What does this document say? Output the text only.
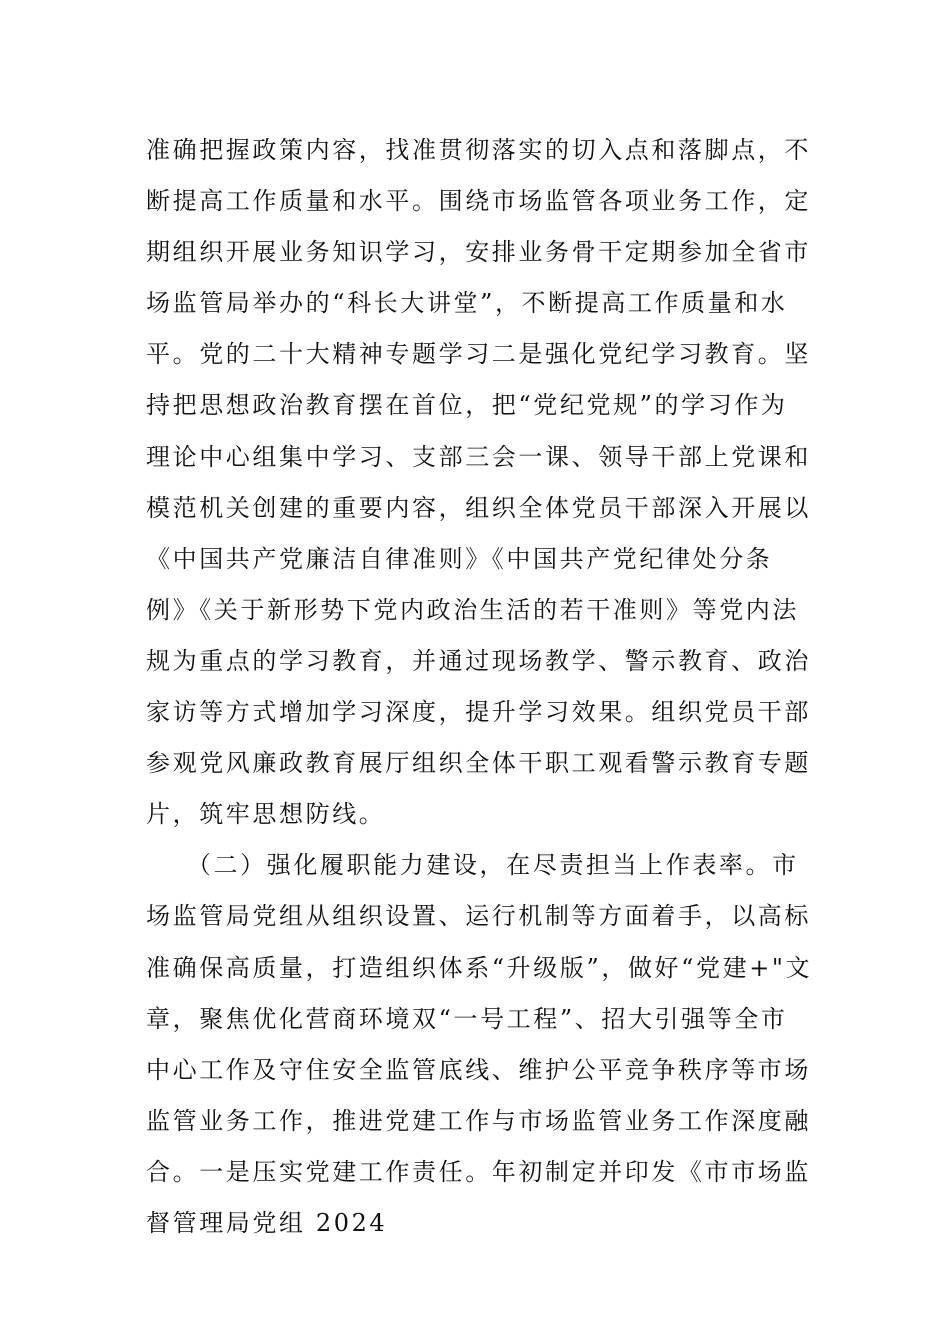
准确把握政策内容，找准贯彻落实的切入点和落脚点，不
断提高工作质量和水平。围绕市场监管各项业务工作，定
期组织开展业务知识学习，安排业务骨干定期参加全省市
场监管局举办的“科长大讲堂”，不断提高工作质量和水
平。党的二十大精神专题学习二是强化党纪学习教育。坚
持把思想政治教育摆在首位，把“党纪党规”的学习作为
理论中心组集中学习、支部三会一课、领导干部上党课和
模范机关创建的重要内容，组织全体党员干部深入开展以
《中国共产党廉洁自律准则》《中国共产党纪律处分条
例》《关于新形势下党内政治生活的若干准则》等党内法
规为重点的学习教育，并通过现场教学、警示教育、政治
家访等方式增加学习深度，提升学习效果。组织党员干部
参观党风廉政教育展厅组织全体干职工观看警示教育专题
片，筑牢思想防线。
（二）强化履职能力建设，在尽责担当上作表率。市
场监管局党组从组织设置、运行机制等方面着手，以高标
准确保高质量，打造组织体系“升级版”，做好“党建+"文
章，聚焦优化营商环境双“一号工程”、招大引强等全市
中心工作及守住安全监管底线、维护公平竞争秩序等市场
监管业务工作，推进党建工作与市场监管业务工作深度融
合。一是压实党建工作责任。年初制定并印发《市市场监
督管理局党组 2024
